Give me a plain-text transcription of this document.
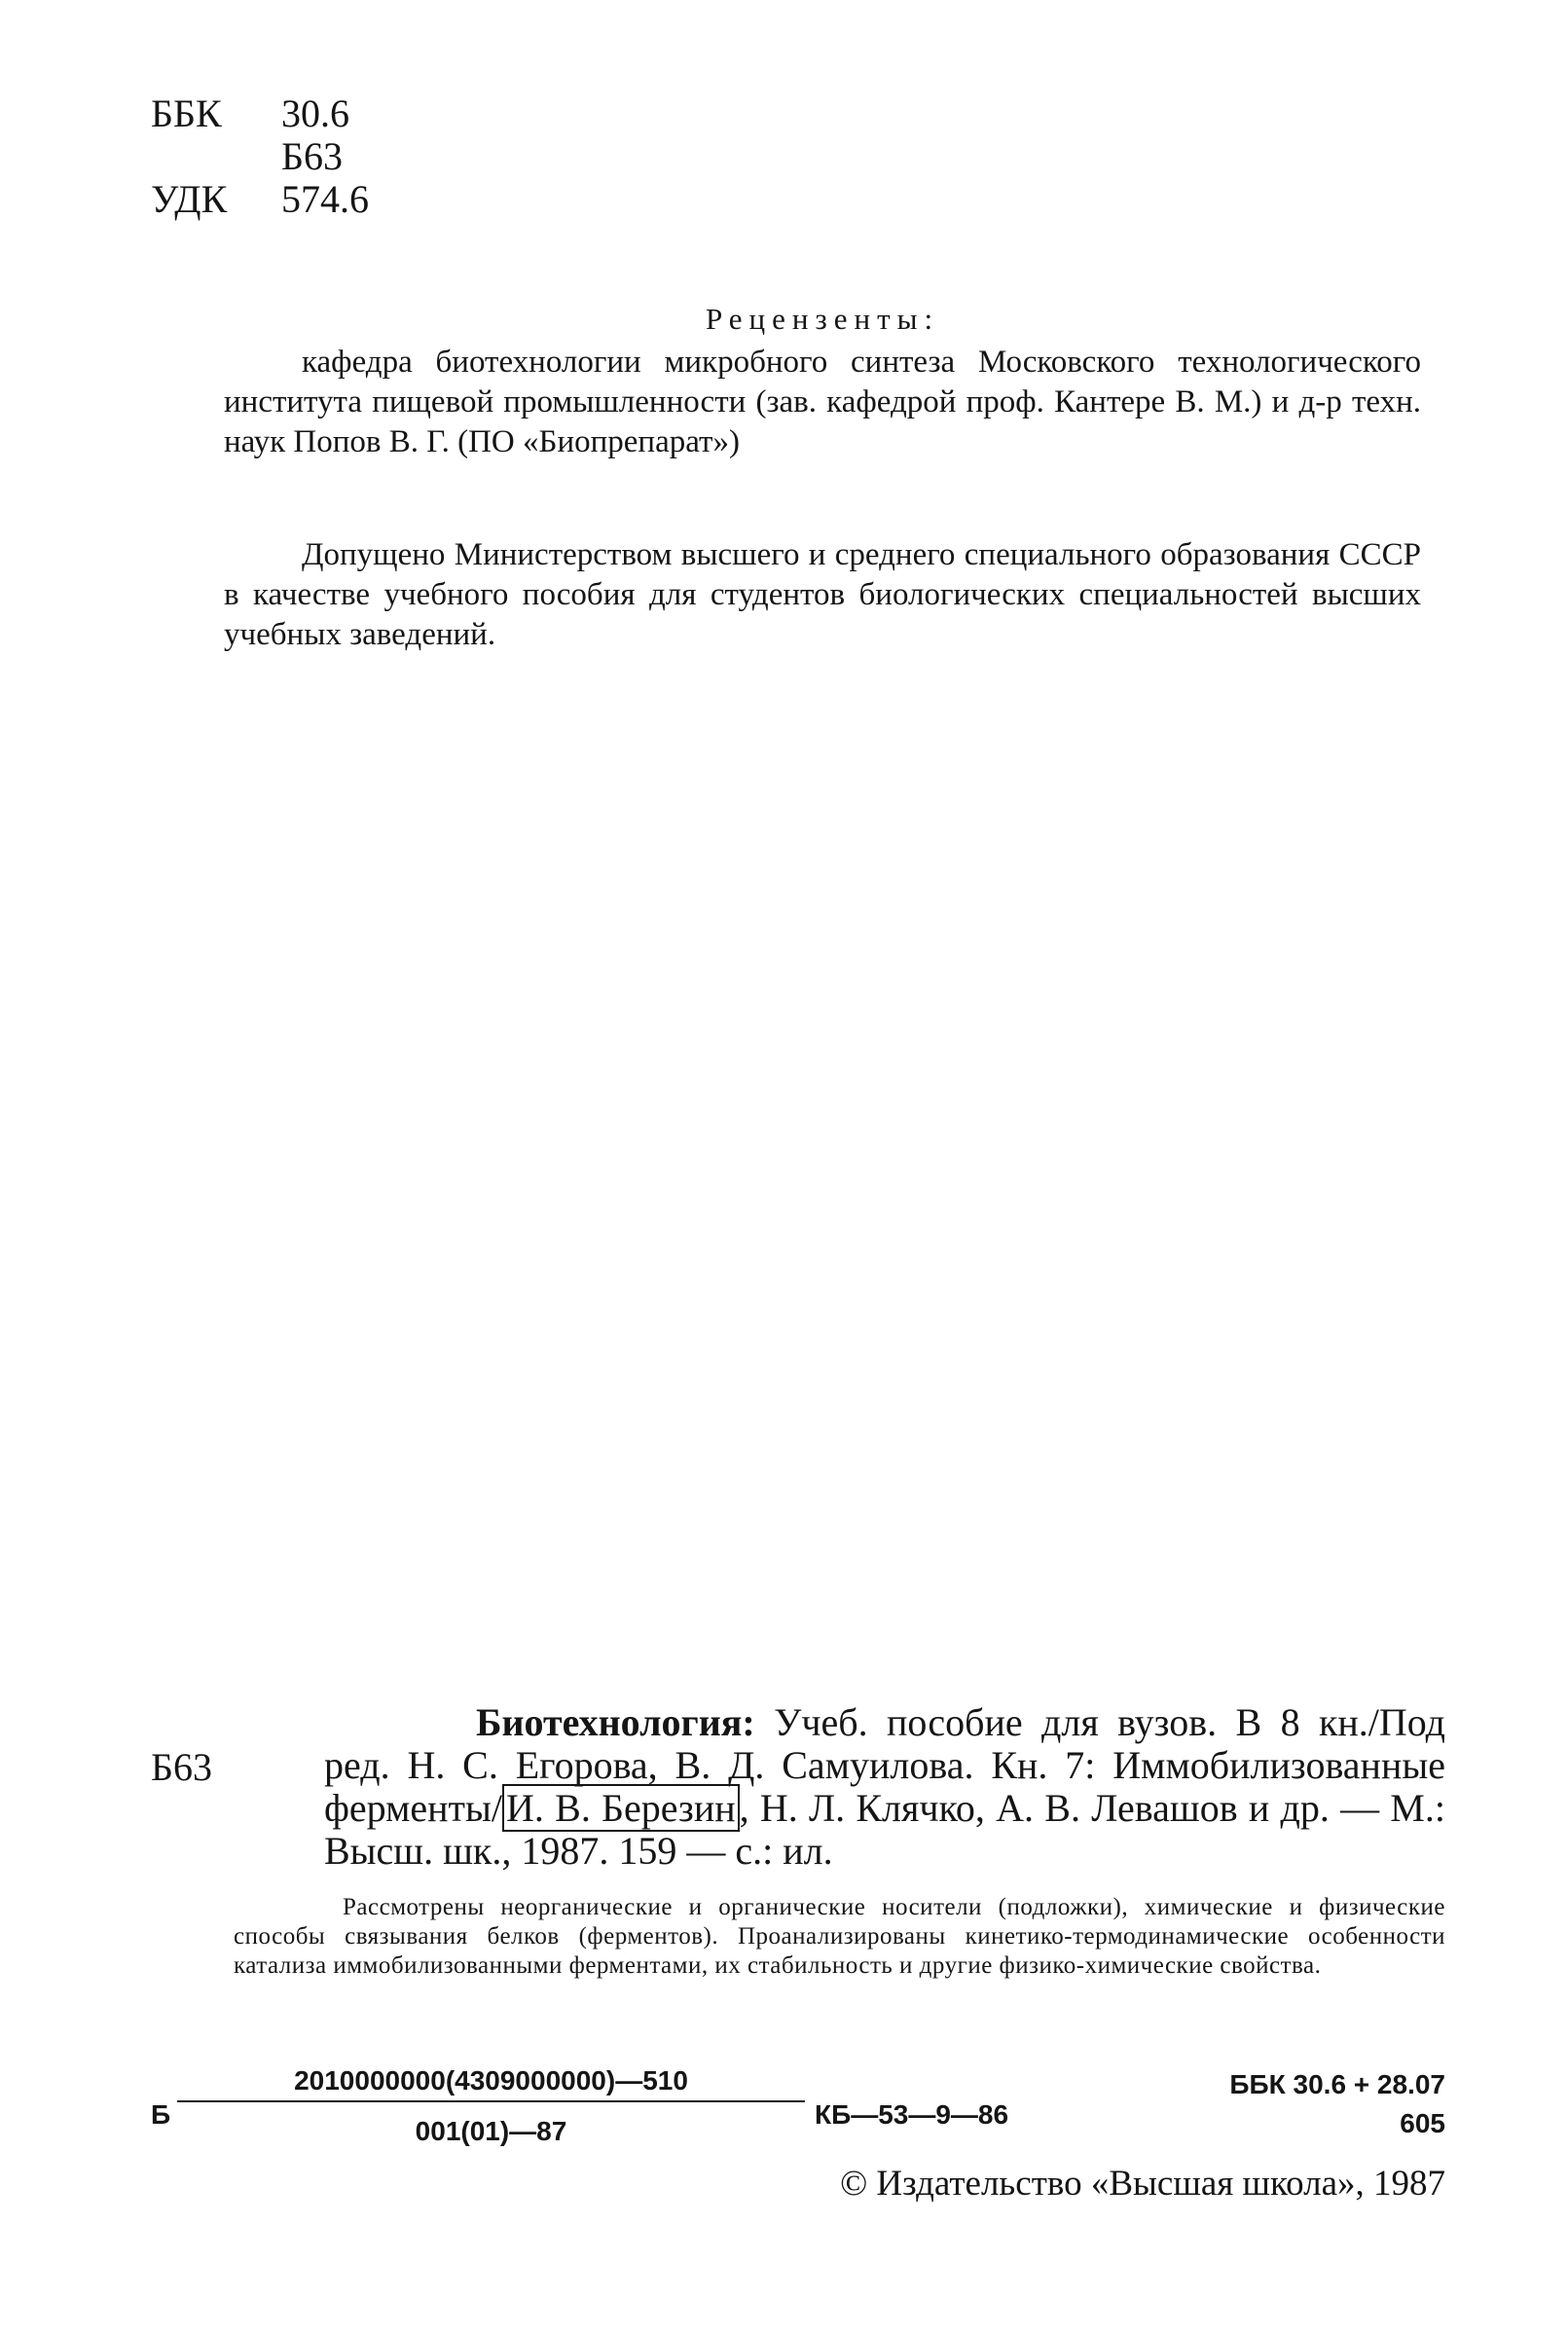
ББК	30.6
Б63
УДК	574.6
Рецензенты:
кафедра биотехнологии микробного синтеза Московского технологического института пищевой промышленности (зав. кафедрой проф. Кантере В. М.) и д-р техн. наук Попов В. Г. (ПО «Биопрепарат»)
Допущено Министерством высшего и среднего специального образования СССР в качестве учебного пособия для студентов биологических специальностей высших учебных заведений.
Б63
Биотехнология: Учеб. пособие для вузов. В 8 кн./Под ред. Н. С. Егорова, В. Д. Самуилова. Кн. 7: Иммобилизованные ферменты/ И. В. Березин , Н. Л. Клячко, А. В. Левашов и др. — М.: Высш. шк., 1987. 159 — с.: ил.
Рассмотрены неорганические и органические носители (подложки), химические и физические способы связывания белков (ферментов). Проанализированы кинетико-термодинамические особенности катализа иммобилизованными ферментами, их стабильность и другие физико-химические свойства.
Б
2010000000(4309000000)—510
001(01)—87
КБ—53—9—86
ББК 30.6 + 28.07
605
© Издательство «Высшая школа», 1987
